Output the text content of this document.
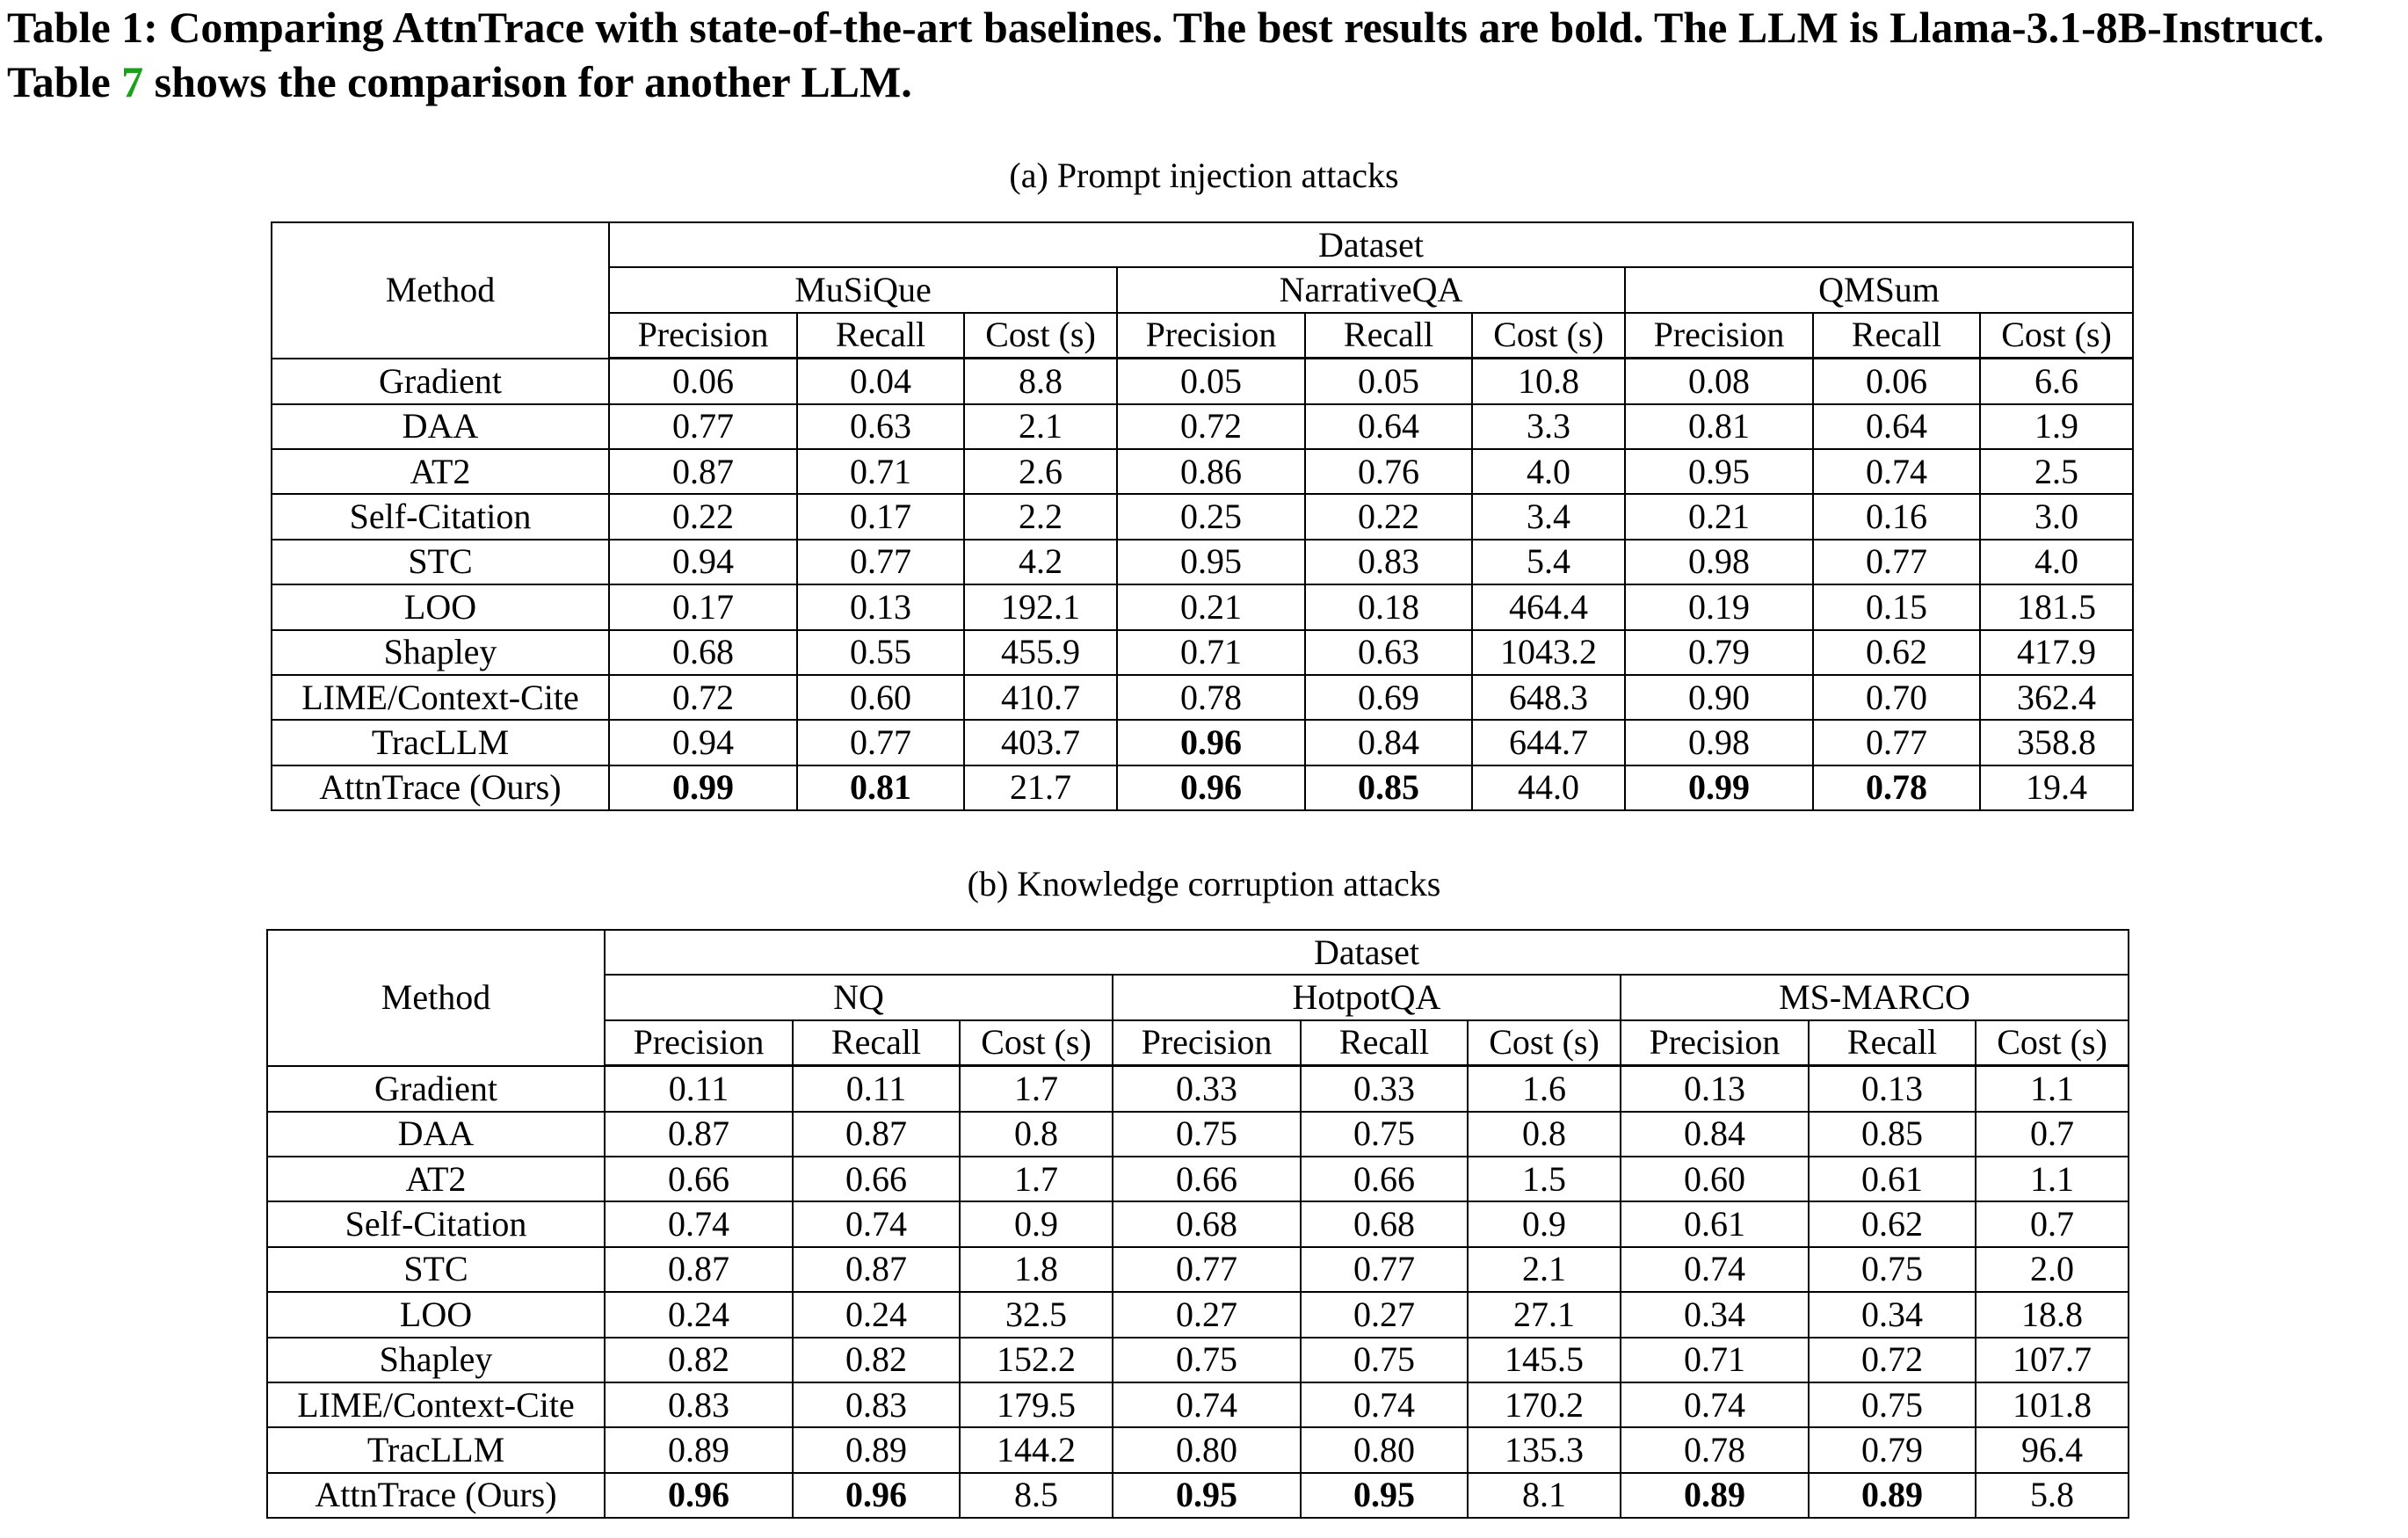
Table 1: Comparing AttnTrace with state-of-the-art baselines. The best results are bold. The LLM is Llama-3.1-8B-Instruct. Table 7 shows the comparison for another LLM.

(a) Prompt injection attacks
Method	Dataset								
	MuSiQue			NarrativeQA			QMSum		
	Precision	Recall	Cost (s)	Precision	Recall	Cost (s)	Precision	Recall	Cost (s)
Gradient	0.06	0.04	8.8	0.05	0.05	10.8	0.08	0.06	6.6
DAA	0.77	0.63	2.1	0.72	0.64	3.3	0.81	0.64	1.9
AT2	0.87	0.71	2.6	0.86	0.76	4.0	0.95	0.74	2.5
Self-Citation	0.22	0.17	2.2	0.25	0.22	3.4	0.21	0.16	3.0
STC	0.94	0.77	4.2	0.95	0.83	5.4	0.98	0.77	4.0
LOO	0.17	0.13	192.1	0.21	0.18	464.4	0.19	0.15	181.5
Shapley	0.68	0.55	455.9	0.71	0.63	1043.2	0.79	0.62	417.9
LIME/Context-Cite	0.72	0.60	410.7	0.78	0.69	648.3	0.90	0.70	362.4
TracLLM	0.94	0.77	403.7	0.96	0.84	644.7	0.98	0.77	358.8
AttnTrace (Ours)	0.99	0.81	21.7	0.96	0.85	44.0	0.99	0.78	19.4
(b) Knowledge corruption attacks
Method	Dataset								
	NQ			HotpotQA			MS-MARCO		
	Precision	Recall	Cost (s)	Precision	Recall	Cost (s)	Precision	Recall	Cost (s)
Gradient	0.11	0.11	1.7	0.33	0.33	1.6	0.13	0.13	1.1
DAA	0.87	0.87	0.8	0.75	0.75	0.8	0.84	0.85	0.7
AT2	0.66	0.66	1.7	0.66	0.66	1.5	0.60	0.61	1.1
Self-Citation	0.74	0.74	0.9	0.68	0.68	0.9	0.61	0.62	0.7
STC	0.87	0.87	1.8	0.77	0.77	2.1	0.74	0.75	2.0
LOO	0.24	0.24	32.5	0.27	0.27	27.1	0.34	0.34	18.8
Shapley	0.82	0.82	152.2	0.75	0.75	145.5	0.71	0.72	107.7
LIME/Context-Cite	0.83	0.83	179.5	0.74	0.74	170.2	0.74	0.75	101.8
TracLLM	0.89	0.89	144.2	0.80	0.80	135.3	0.78	0.79	96.4
AttnTrace (Ours)	0.96	0.96	8.5	0.95	0.95	8.1	0.89	0.89	5.8
